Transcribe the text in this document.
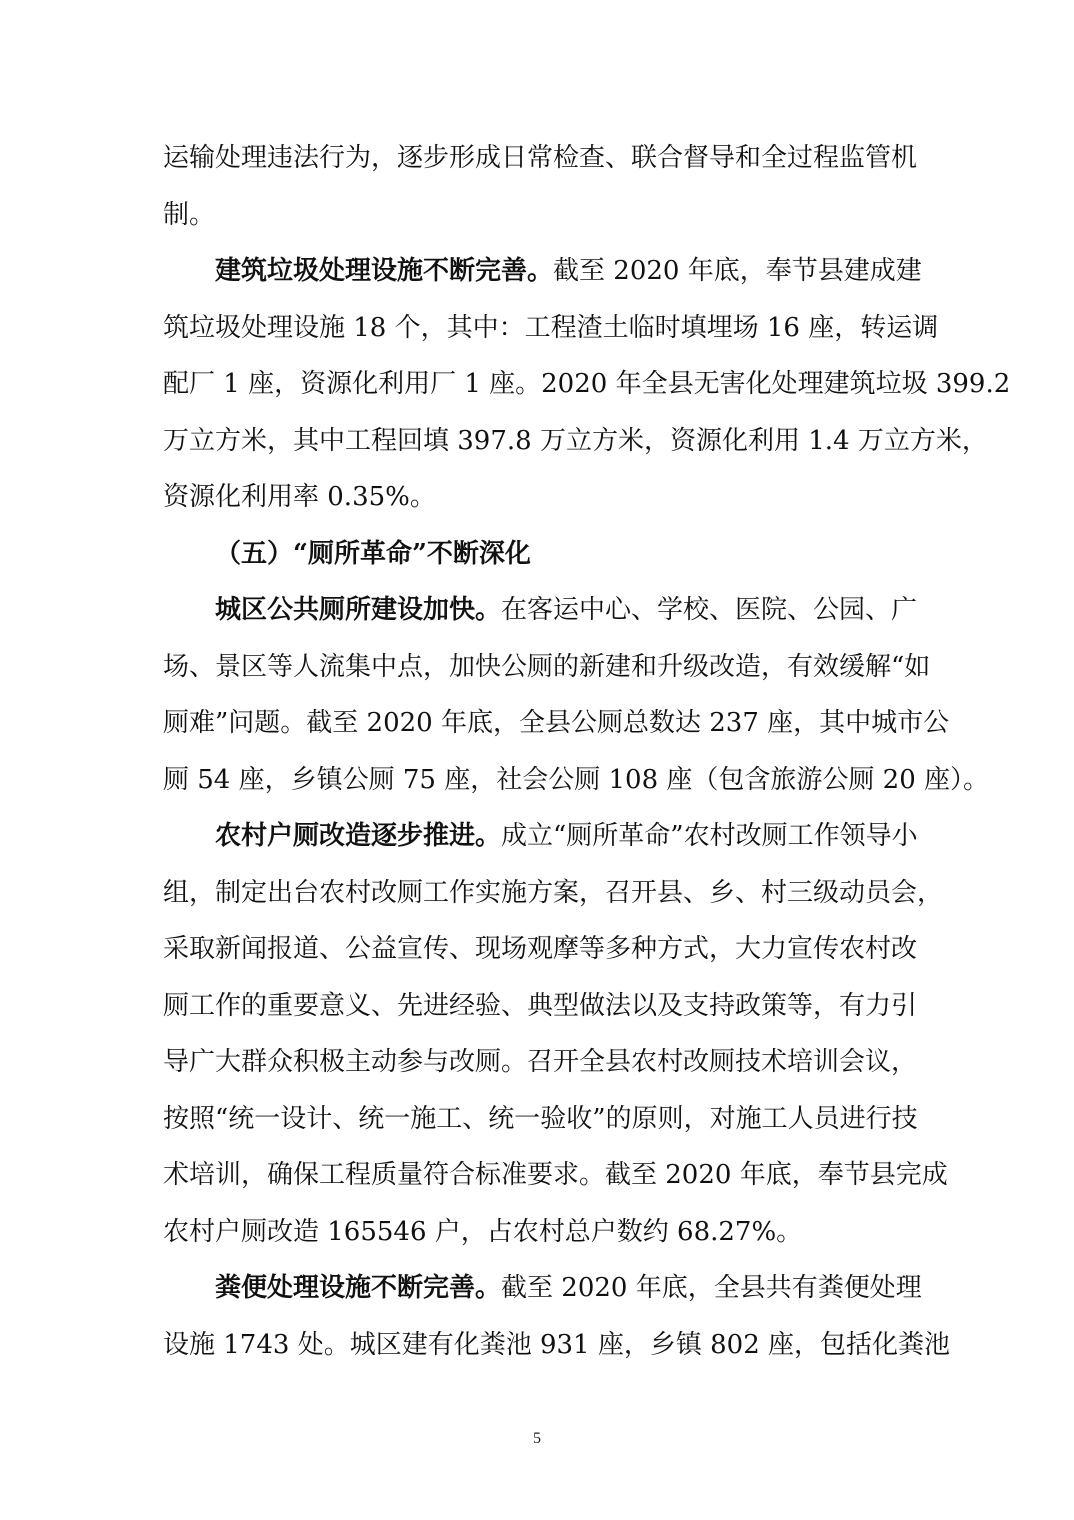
运输处理违法行为，逐步形成日常检查、联合督导和全过程监管机
制。
建筑垃圾处理设施不断完善。截至 2020 年底，奉节县建成建
筑垃圾处理设施 18 个，其中：工程渣土临时填埋场 16 座，转运调
配厂 1 座，资源化利用厂 1 座。2020 年全县无害化处理建筑垃圾 399.2
万立方米，其中工程回填 397.8 万立方米，资源化利用 1.4 万立方米，
资源化利用率 0.35%。
（五）“厕所革命”不断深化
城区公共厕所建设加快。在客运中心、学校、医院、公园、广
场、景区等人流集中点，加快公厕的新建和升级改造，有效缓解“如
厕难”问题。截至 2020 年底，全县公厕总数达 237 座，其中城市公
厕 54 座，乡镇公厕 75 座，社会公厕 108 座（包含旅游公厕 20 座）。
农村户厕改造逐步推进。成立“厕所革命”农村改厕工作领导小
组，制定出台农村改厕工作实施方案，召开县、乡、村三级动员会，
采取新闻报道、公益宣传、现场观摩等多种方式，大力宣传农村改
厕工作的重要意义、先进经验、典型做法以及支持政策等，有力引
导广大群众积极主动参与改厕。召开全县农村改厕技术培训会议，
按照“统一设计、统一施工、统一验收”的原则，对施工人员进行技
术培训，确保工程质量符合标准要求。截至 2020 年底，奉节县完成
农村户厕改造 165546 户，占农村总户数约 68.27%。
粪便处理设施不断完善。截至 2020 年底，全县共有粪便处理
设施 1743 处。城区建有化粪池 931 座，乡镇 802 座，包括化粪池
5
